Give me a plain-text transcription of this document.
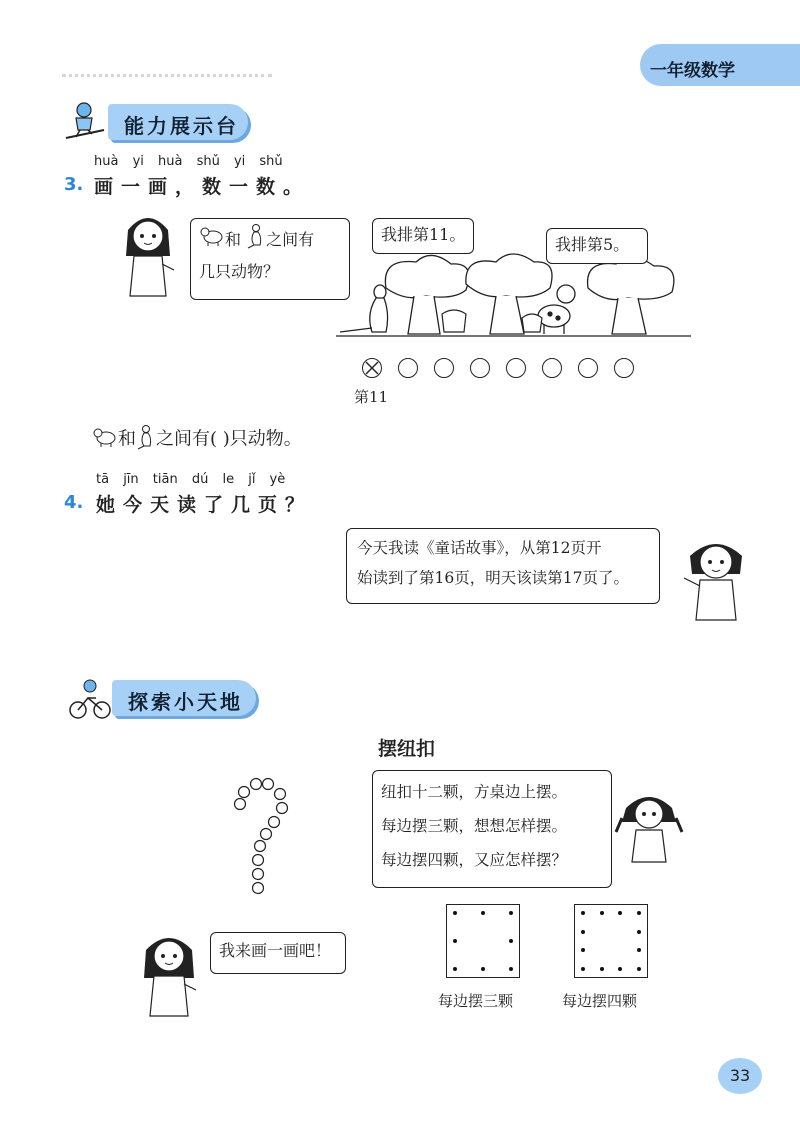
一年级数学
能力展示台
huà yi huà shǔ yi shǔ
3. 画一画，数一数。
和 之间有
几只动物？
我排第11。
我排第5。
第11
和 之间有( )只动物。
tā jīn tiān dú le jǐ yè
4. 她今天读了几页？
今天我读《童话故事》，从第12页开
始读到了第16页，明天该读第17页了。
探索小天地
摆纽扣
纽扣十二颗，方桌边上摆。
每边摆三颗，想想怎样摆。
每边摆四颗，又应怎样摆？
我来画一画吧！
每边摆三颗	每边摆四颗
33
